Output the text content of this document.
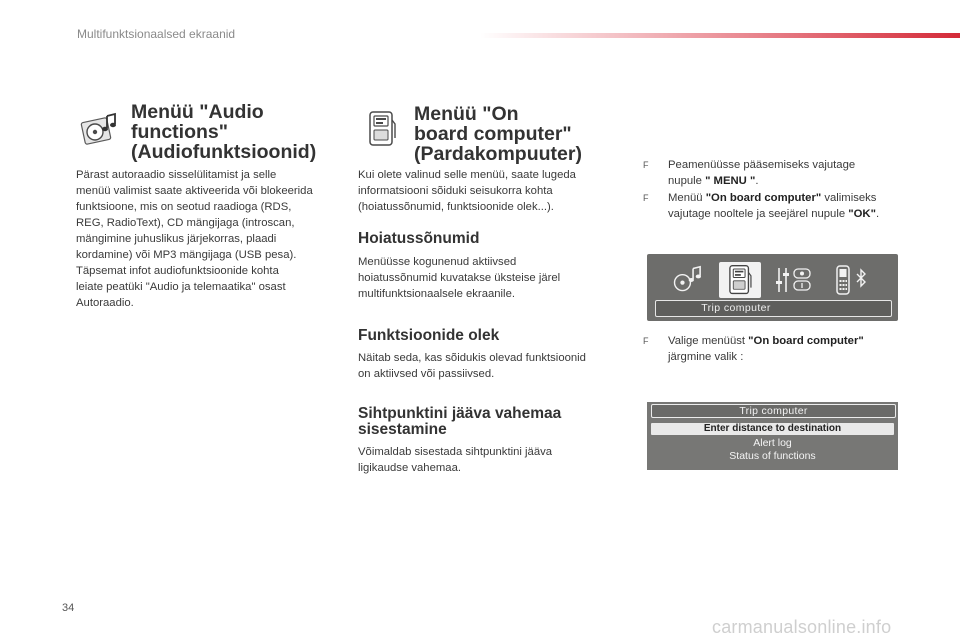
Multifunktsionaalsed ekraanid
Menüü "Audio
functions"
(Audiofunktsioonid)
Pärast autoraadio sisselülitamist ja selle
menüü valimist saate aktiveerida või blokeerida
funktsioone, mis on seotud raadioga (RDS,
REG, RadioText), CD mängijaga (introscan,
mängimine juhuslikus järjekorras, plaadi
kordamine) või MP3 mängijaga (USB pesa).
Täpsemat infot audiofunktsioonide kohta
leiate peatüki "Audio ja telemaatika" osast
Autoraadio.
Menüü "On
board computer"
(Pardakompuuter)
Kui olete valinud selle menüü, saate lugeda
informatsiooni sõiduki seisukorra kohta
(hoiatussõnumid, funktsioonide olek...).
Hoiatussõnumid
Menüüsse kogunenud aktiivsed
hoiatussõnumid kuvatakse üksteise järel
multifunktsionaalsele ekraanile.
Funktsioonide olek
Näitab seda, kas sõidukis olevad funktsioonid
on aktiivsed või passiivsed.
Sihtpunktini jääva vahemaa
sisestamine
Võimaldab sisestada sihtpunktini jääva
ligikaudse vahemaa.
F Peamenüüsse pääsemiseks vajutage
nupule " MENU ".
F Menüü "On board computer" valimiseks
vajutage nooltele ja seejärel nupule "OK".
Trip computer
F Valige menüüst "On board computer"
järgmine valik :
Trip computer
Enter distance to destination
Alert log
Status of functions
34
carmanualsonline.info
